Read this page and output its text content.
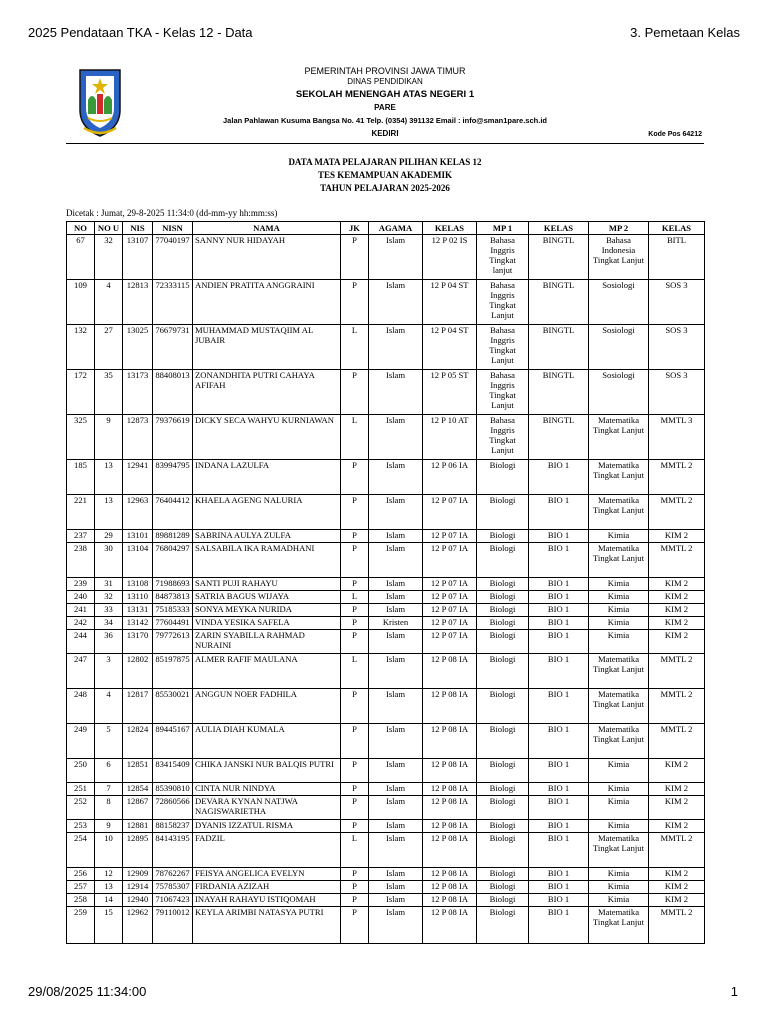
2025 Pendataan TKA - Kelas 12 - Data	3. Pemetaan Kelas
PEMERINTAH PROVINSI JAWA TIMUR
DINAS PENDIDIKAN
SEKOLAH MENENGAH ATAS NEGERI 1
PARE
Jalan Pahlawan Kusuma Bangsa No. 41 Telp. (0354) 391132 Email : info@sman1pare.sch.id
KEDIRI	Kode Pos 64212
DATA MATA PELAJARAN PILIHAN KELAS 12
TES KEMAMPUAN AKADEMIK
TAHUN PELAJARAN 2025-2026
Dicetak : Jumat, 29-8-2025 11:34:0 (dd-mm-yy hh:mm:ss)
NO	NO U	NIS	NISN	NAMA	JK	AGAMA	KELAS	MP 1	KELAS	MP 2	KELAS
67	32	13107	77040197	SANNY NUR HIDAYAH	P	Islam	12 P 02 IS	Bahasa Inggris Tingkat lanjut	BINGTL	Bahasa Indonesia Tingkat Lanjut	BITL
109	4	12813	72333115	ANDIEN PRATITA ANGGRAINI	P	Islam	12 P 04 ST	Bahasa Inggris Tingkat Lanjut	BINGTL	Sosiologi	SOS 3
132	27	13025	76679731	MUHAMMAD MUSTAQIIM AL JUBAIR	L	Islam	12 P 04 ST	Bahasa Inggris Tingkat Lanjut	BINGTL	Sosiologi	SOS 3
172	35	13173	88408013	ZONANDHITA PUTRI CAHAYA AFIFAH	P	Islam	12 P 05 ST	Bahasa Inggris Tingkat Lanjut	BINGTL	Sosiologi	SOS 3
325	9	12873	79376619	DICKY SECA WAHYU KURNIAWAN	L	Islam	12 P 10 AT	Bahasa Inggris Tingkat Lanjut	BINGTL	Matematika Tingkat Lanjut	MMTL 3
185	13	12941	83994795	INDANA LAZULFA	P	Islam	12 P 06 IA	Biologi	BIO 1	Matematika Tingkat Lanjut	MMTL 2
221	13	12963	76404412	KHAELA AGENG NALURIA	P	Islam	12 P 07 IA	Biologi	BIO 1	Matematika Tingkat Lanjut	MMTL 2
237	29	13101	89881289	SABRINA AULYA ZULFA	P	Islam	12 P 07 IA	Biologi	BIO 1	Kimia	KIM 2
238	30	13104	76804297	SALSABILA IKA RAMADHANI	P	Islam	12 P 07 IA	Biologi	BIO 1	Matematika Tingkat Lanjut	MMTL 2
239	31	13108	71988693	SANTI PUJI RAHAYU	P	Islam	12 P 07 IA	Biologi	BIO 1	Kimia	KIM 2
240	32	13110	84873813	SATRIA BAGUS WIJAYA	L	Islam	12 P 07 IA	Biologi	BIO 1	Kimia	KIM 2
241	33	13131	75185333	SONYA MEYKA NURIDA	P	Islam	12 P 07 IA	Biologi	BIO 1	Kimia	KIM 2
242	34	13142	77604491	VINDA YESIKA SAFELA	P	Kristen	12 P 07 IA	Biologi	BIO 1	Kimia	KIM 2
244	36	13170	79772613	ZARIN SYABILLA RAHMAD NURAINI	P	Islam	12 P 07 IA	Biologi	BIO 1	Kimia	KIM 2
247	3	12802	85197875	ALMER RAFIF MAULANA	L	Islam	12 P 08 IA	Biologi	BIO 1	Matematika Tingkat Lanjut	MMTL 2
248	4	12817	85530021	ANGGUN NOER FADHILA	P	Islam	12 P 08 IA	Biologi	BIO 1	Matematika Tingkat Lanjut	MMTL 2
249	5	12824	89445167	AULIA DIAH KUMALA	P	Islam	12 P 08 IA	Biologi	BIO 1	Matematika Tingkat Lanjut	MMTL 2
250	6	12851	83415409	CHIKA JANSKI NUR BALQIS PUTRI	P	Islam	12 P 08 IA	Biologi	BIO 1	Kimia	KIM 2
251	7	12854	85390810	CINTA NUR NINDYA	P	Islam	12 P 08 IA	Biologi	BIO 1	Kimia	KIM 2
252	8	12867	72860566	DEVARA KYNAN NATJWA NAGISWARIETHA	P	Islam	12 P 08 IA	Biologi	BIO 1	Kimia	KIM 2
253	9	12881	88158237	DYANIS IZZATUL RISMA	P	Islam	12 P 08 IA	Biologi	BIO 1	Kimia	KIM 2
254	10	12895	84143195	FADZIL	L	Islam	12 P 08 IA	Biologi	BIO 1	Matematika Tingkat Lanjut	MMTL 2
256	12	12909	78762267	FEISYA ANGELICA EVELYN	P	Islam	12 P 08 IA	Biologi	BIO 1	Kimia	KIM 2
257	13	12914	75785307	FIRDANIA AZIZAH	P	Islam	12 P 08 IA	Biologi	BIO 1	Kimia	KIM 2
258	14	12940	71067423	INAYAH RAHAYU ISTIQOMAH	P	Islam	12 P 08 IA	Biologi	BIO 1	Kimia	KIM 2
259	15	12962	79110012	KEYLA ARIMBI NATASYA PUTRI	P	Islam	12 P 08 IA	Biologi	BIO 1	Matematika Tingkat Lanjut	MMTL 2
29/08/2025 11:34:00	1
